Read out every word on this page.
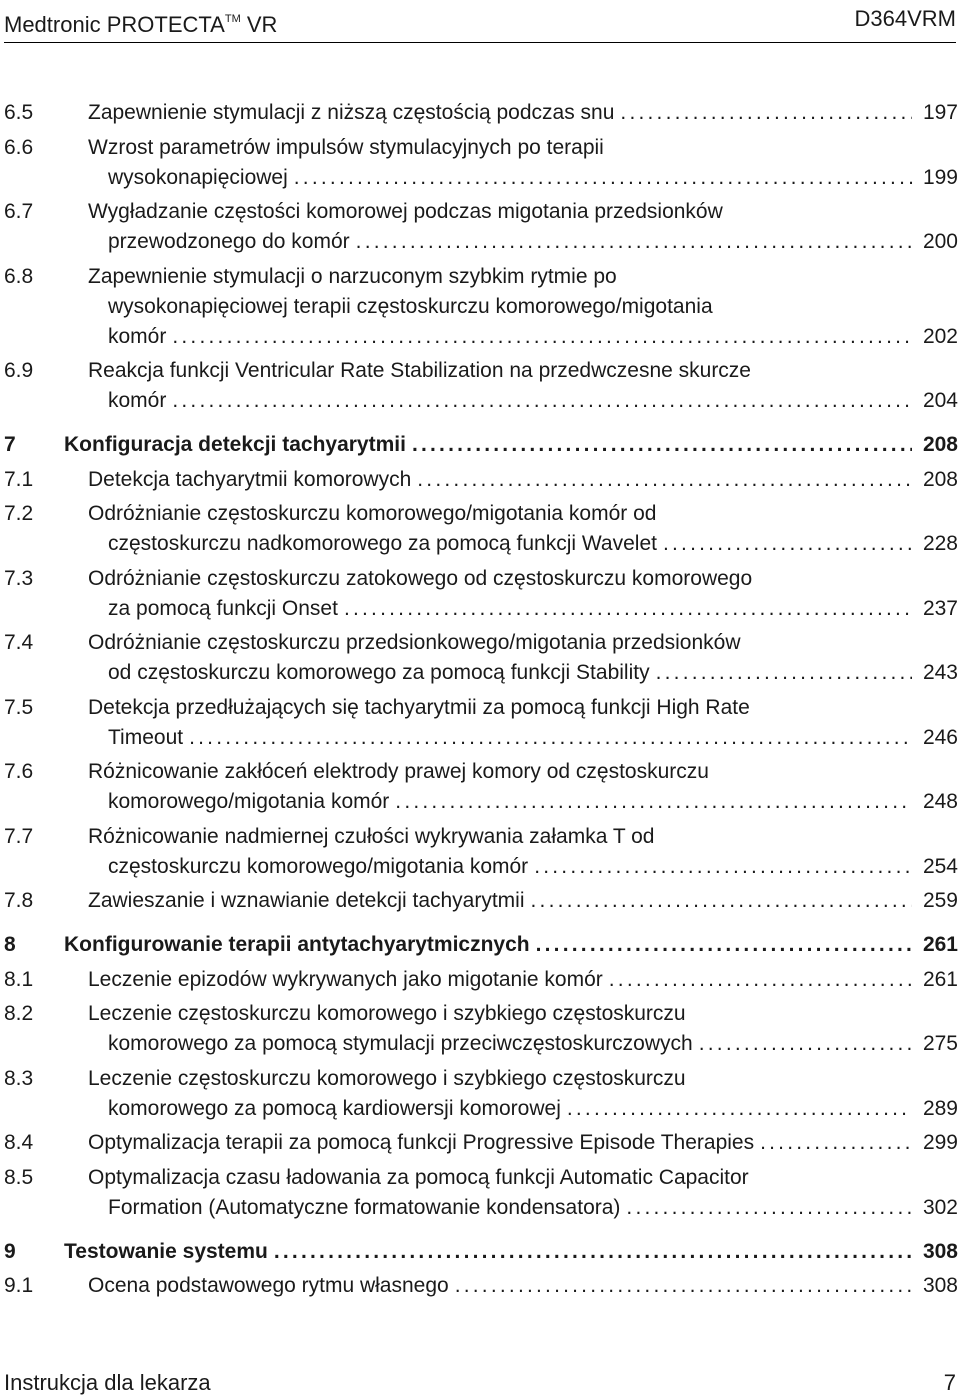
Medtronic PROTECTA™ VR	D364VRM
6.5	Zapewnienie stymulacji z niższą częstością podczas snu .....	197
6.6	Wzrost parametrów impulsów stymulacyjnych po terapii
wysokonapięciowej .....	199
6.7	Wygładzanie częstości komorowej podczas migotania przedsionków
przewodzonego do komór .....	200
6.8	Zapewnienie stymulacji o narzuconym szybkim rytmie po
wysokonapięciowej terapii częstoskurczu komorowego/migotania
komór .....	202
6.9	Reakcja funkcji Ventricular Rate Stabilization na przedwczesne skurcze
komór .....	204
7	Konfiguracja detekcji tachyarytmii .....	208
7.1	Detekcja tachyarytmii komorowych .....	208
7.2	Odróżnianie częstoskurczu komorowego/migotania komór od
częstoskurczu nadkomorowego za pomocą funkcji Wavelet .....	228
7.3	Odróżnianie częstoskurczu zatokowego od częstoskurczu komorowego
za pomocą funkcji Onset .....	237
7.4	Odróżnianie częstoskurczu przedsionkowego/migotania przedsionków
od częstoskurczu komorowego za pomocą funkcji Stability .....	243
7.5	Detekcja przedłużających się tachyarytmii za pomocą funkcji High Rate
Timeout .....	246
7.6	Różnicowanie zakłóceń elektrody prawej komory od częstoskurczu
komorowego/migotania komór .....	248
7.7	Różnicowanie nadmiernej czułości wykrywania załamka T od
częstoskurczu komorowego/migotania komór .....	254
7.8	Zawieszanie i wznawianie detekcji tachyarytmii .....	259
8	Konfigurowanie terapii antytachyarytmicznych .....	261
8.1	Leczenie epizodów wykrywanych jako migotanie komór .....	261
8.2	Leczenie częstoskurczu komorowego i szybkiego częstoskurczu
komorowego za pomocą stymulacji przeciwczęstoskurczowych .....	275
8.3	Leczenie częstoskurczu komorowego i szybkiego częstoskurczu
komorowego za pomocą kardiowersji komorowej .....	289
8.4	Optymalizacja terapii za pomocą funkcji Progressive Episode Therapies .....	299
8.5	Optymalizacja czasu ładowania za pomocą funkcji Automatic Capacitor
Formation (Automatyczne formatowanie kondensatora) .....	302
9	Testowanie systemu .....	308
9.1	Ocena podstawowego rytmu własnego .....	308
Instrukcja dla lekarza	7
